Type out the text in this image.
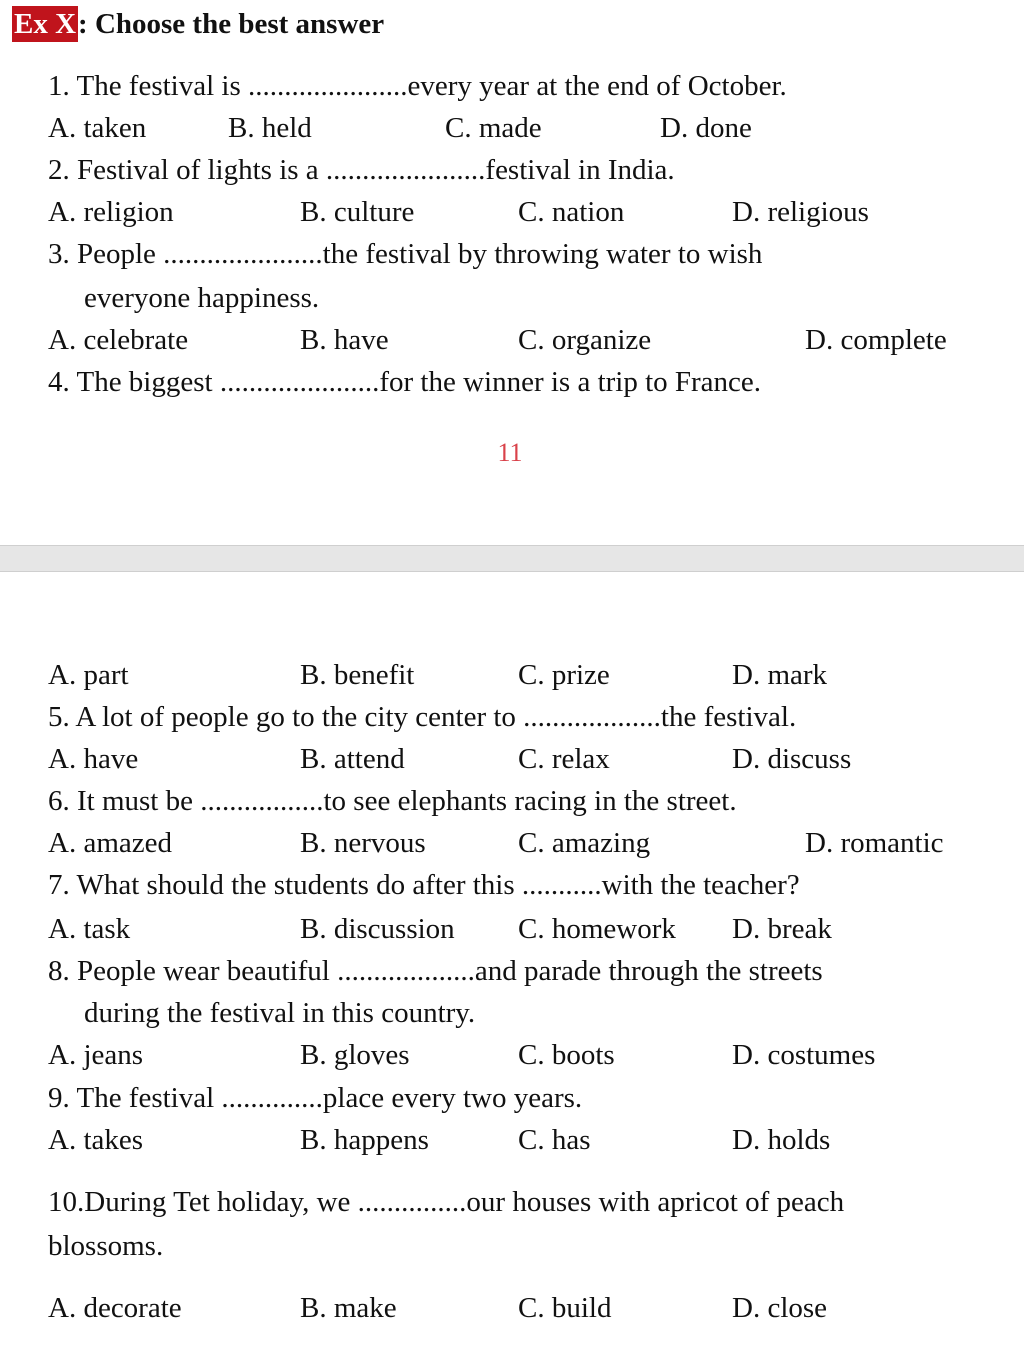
Ex X: Choose the best answer
1. The festival is ......................every year at the end of October.
A. taken	B. held	C. made	D. done
2. Festival of lights is a ......................festival in India.
A. religion	B. culture	C. nation	D. religious
3. People ......................the festival by throwing water to wish
everyone happiness.
A. celebrate	B. have	C. organize	D. complete
4. The biggest ......................for the winner is a trip to France.
11
A. part	B. benefit	C. prize	D. mark
5. A lot of people go to the city center to ...................the festival.
A. have	B. attend	C. relax	D. discuss
6. It must be .................to see elephants racing in the street.
A. amazed	B. nervous	C. amazing	D. romantic
7. What should the students do after this ...........with the teacher?
A. task	B. discussion C. homework D. break
8. People wear beautiful ...................and parade through the streets
during the festival in this country.
A. jeans	B. gloves	C. boots	D. costumes
9. The festival ..............place every two years.
A. takes	B. happens	C. has	D. holds
10.During Tet holiday, we ...............our houses with apricot of peach
blossoms.
A. decorate	B. make	C. build	D. close
